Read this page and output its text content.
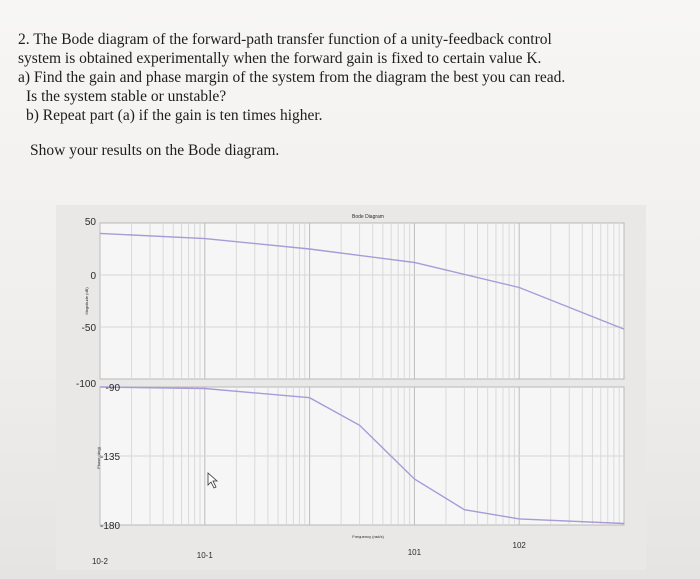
2. The Bode diagram of the forward-path transfer function of a unity-feedback control
system is obtained experimentally when the forward gain is fixed to certain value K.
a) Find the gain and phase margin of the system from the diagram the best you can read.
Is the system stable or unstable?
b) Repeat part (a) if the gain is ten times higher.
Show your results on the Bode diagram.
Bode Diagram
50
0
-50
-100 -90
-135
-180
Magnitude (dB)
Phase (deg)
10-2
10-1	101
102
Frequency (rad/s)
